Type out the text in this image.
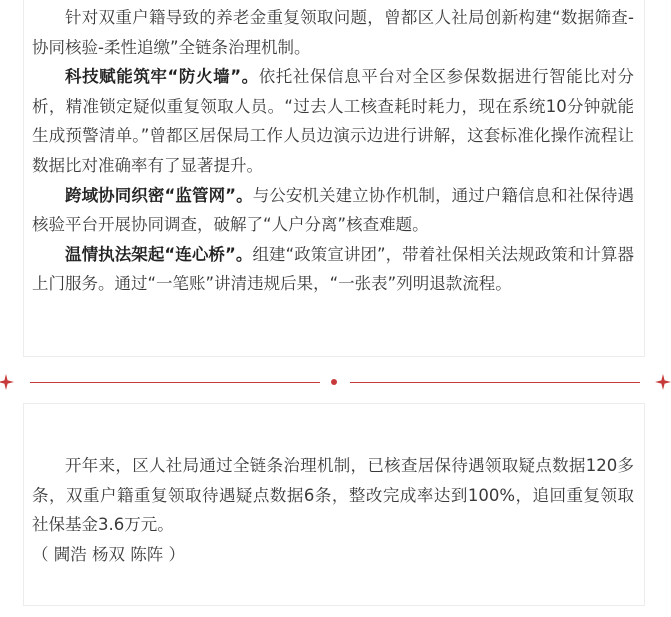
针对双重户籍导致的养老金重复领取问题，曾都区人社局创新构建“数据筛查-协同核验-柔性追缴”全链条治理机制。

科技赋能筑牢“防火墙”。依托社保信息平台对全区参保数据进行智能比对分析，精准锁定疑似重复领取人员。“过去人工核查耗时耗力，现在系统10分钟就能生成预警清单。”曾都区居保局工作人员边演示边进行讲解，这套标准化操作流程让数据比对准确率有了显著提升。

跨域协同织密“监管网”。与公安机关建立协作机制，通过户籍信息和社保待遇核验平台开展协同调查，破解了“人户分离”核查难题。

温情执法架起“连心桥”。组建“政策宣讲团”，带着社保相关法规政策和计算器上门服务。通过“一笔账”讲清违规后果，“一张表”列明退款流程。

开年来，区人社局通过全链条治理机制，已核查居保待遇领取疑点数据120多条，双重户籍重复领取待遇疑点数据6条，整改完成率达到100%，追回重复领取社保基金3.6万元。

（ 閪浩 杨双 陈阵 ）
